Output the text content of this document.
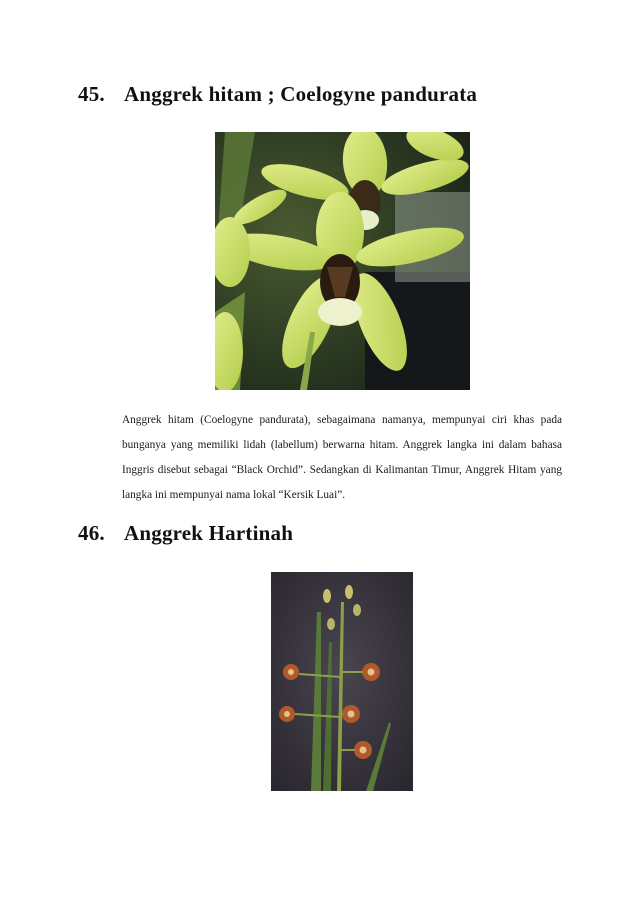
45. Anggrek hitam ; Coelogyne pandurata
Anggrek hitam (Coelogyne pandurata), sebagaimana namanya, mempunyai ciri khas pada bunganya yang memiliki lidah (labellum) berwarna hitam. Anggrek langka ini dalam bahasa Inggris disebut sebagai “Black Orchid”. Sedangkan di Kalimantan Timur, Anggrek Hitam yang langka ini mempunyai nama lokal “Kersik Luai”.
46. Anggrek Hartinah
